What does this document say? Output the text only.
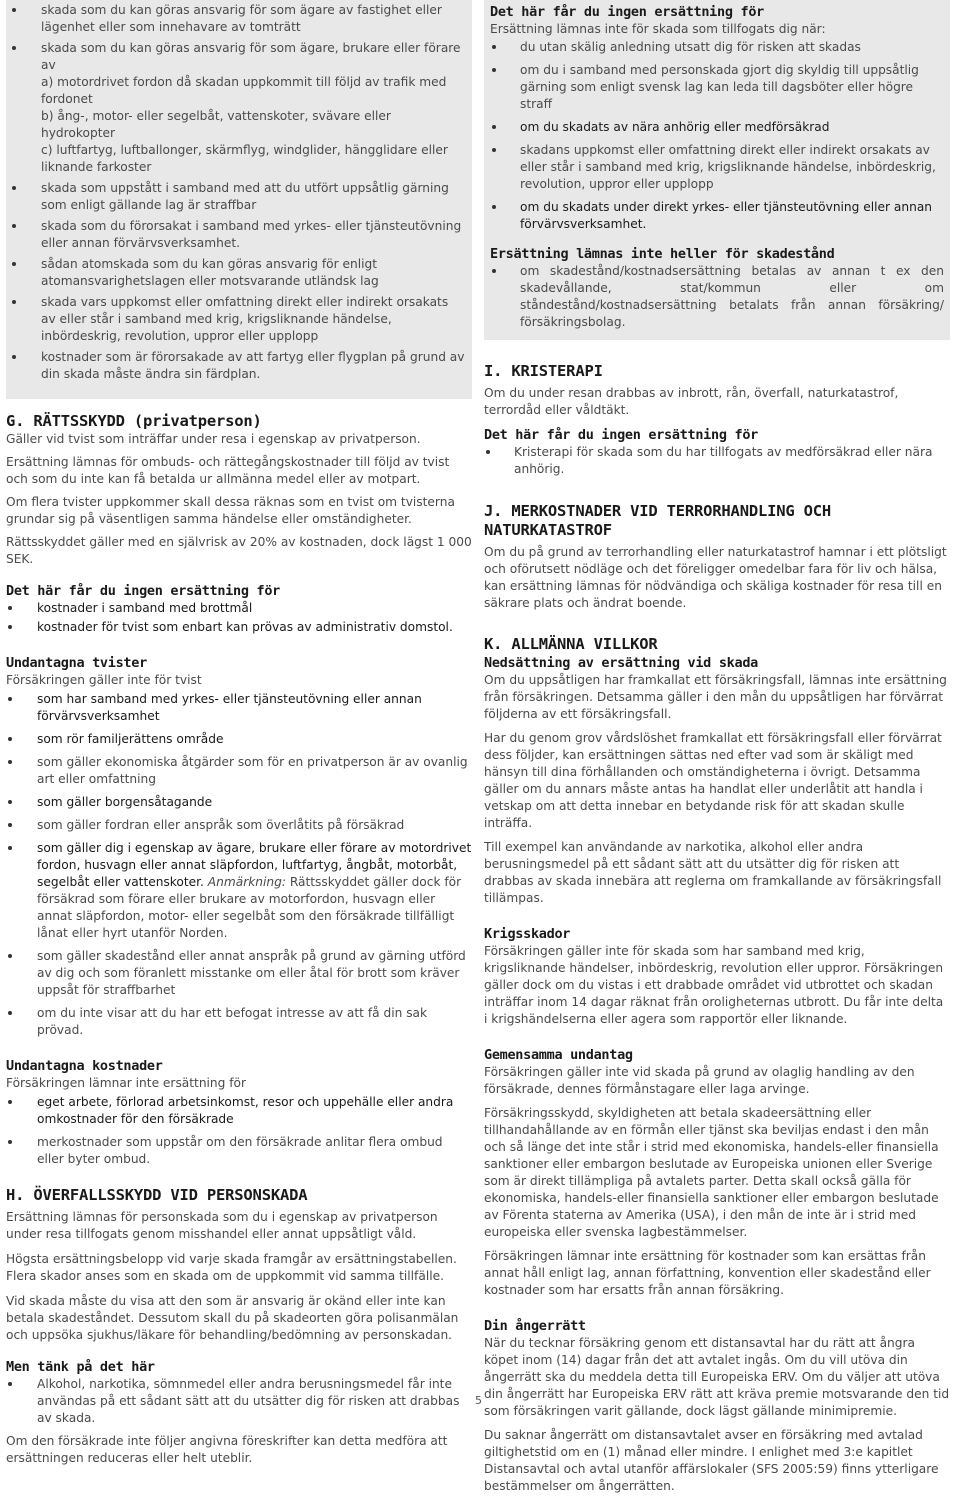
skada som du kan göras ansvarig för som ägare av fastighet eller lägenhet eller som innehavare av tomträtt
skada som du kan göras ansvarig för som ägare, brukare eller förare av
a) motordrivet fordon då skadan uppkommit till följd av trafik med fordonet
b) ång-, motor- eller segelbåt, vattenskoter, svävare eller hydrokopter
c) luftfartyg, luftballonger, skärmflyg, windglider, hängglidare eller liknande farkoster
skada som uppstått i samband med att du utfört uppsåtlig gärning som enligt gällande lag är straffbar
skada som du förorsakat i samband med yrkes- eller tjänsteutövning eller annan förvärvsverksamhet.
sådan atomskada som du kan göras ansvarig för enligt atomansvarighetslagen eller motsvarande utländsk lag
skada vars uppkomst eller omfattning direkt eller indirekt orsakats av eller står i samband med krig, krigsliknande händelse, inbördeskrig, revolution, uppror eller upplopp
kostnader som är förorsakade av att fartyg eller flygplan på grund av din skada måste ändra sin färdplan.
G. RÄTTSSKYDD (privatperson)

Gäller vid tvist som inträffar under resa i egenskap av privatperson.

Ersättning lämnas för ombuds- och rättegångskostnader till följd av tvist och som du inte kan få betalda ur allmänna medel eller av motpart.

Om flera tvister uppkommer skall dessa räknas som en tvist om tvisterna grundar sig på väsentligen samma händelse eller omständigheter.

Rättsskyddet gäller med en självrisk av 20% av kostnaden, dock lägst 1 000 SEK.

Det här får du ingen ersättning för
kostnader i samband med brottmål
kostnader för tvist som enbart kan prövas av administrativ domstol.
Undantagna tvister

Försäkringen gäller inte för tvist

som har samband med yrkes- eller tjänsteutövning eller annan förvärvsverksamhet
som rör familjerättens område
som gäller ekonomiska åtgärder som för en privatperson är av ovanlig art eller omfattning
som gäller borgensåtagande
som gäller fordran eller anspråk som överlåtits på försäkrad
som gäller dig i egenskap av ägare, brukare eller förare av motordrivet fordon, husvagn eller annat släpfordon, luftfartyg, ångbåt, motorbåt, segelbåt eller vattenskoter. Anmärkning: Rättsskyddet gäller dock för försäkrad som förare eller brukare av motorfordon, husvagn eller annat släpfordon, motor- eller segelbåt som den försäkrade tillfälligt lånat eller hyrt utanför Norden.
som gäller skadestånd eller annat anspråk på grund av gärning utförd av dig och som föranlett misstanke om eller åtal för brott som kräver uppsåt för straffbarhet
om du inte visar att du har ett befogat intresse av att få din sak prövad.
Undantagna kostnader

Försäkringen lämnar inte ersättning för

eget arbete, förlorad arbetsinkomst, resor och uppehälle eller andra omkostnader för den försäkrade
merkostnader som uppstår om den försäkrade anlitar flera ombud eller byter ombud.
H. ÖVERFALLSSKYDD VID PERSONSKADA

Ersättning lämnas för personskada som du i egenskap av privatperson under resa tillfogats genom misshandel eller annat uppsåtligt våld.

Högsta ersättningsbelopp vid varje skada framgår av ersättningstabellen. Flera skador anses som en skada om de uppkommit vid samma tillfälle.

Vid skada måste du visa att den som är ansvarig är okänd eller inte kan betala skadeståndet. Dessutom skall du på skadeorten göra polisanmälan och uppsöka sjukhus/läkare för behandling/bedömning av personskadan.

Men tänk på det här
Alkohol, narkotika, sömnmedel eller andra berusningsmedel får inte användas på ett sådant sätt att du utsätter dig för risken att drabbas av skada.

Om den försäkrade inte följer angivna föreskrifter kan detta medföra att ersättningen reduceras eller helt uteblir.

Det här får du ingen ersättning för

Ersättning lämnas inte för skada som tillfogats dig när:

du utan skälig anledning utsatt dig för risken att skadas
om du i samband med personskada gjort dig skyldig till uppsåtlig gärning som enligt svensk lag kan leda till dagsböter eller högre straff
om du skadats av nära anhörig eller medförsäkrad
skadans uppkomst eller omfattning direkt eller indirekt orsakats av eller står i samband med krig, krigsliknande händelse, inbördeskrig, revolution, uppror eller upplopp
om du skadats under direkt yrkes- eller tjänsteutövning eller annan förvärvsverksamhet.
Ersättning lämnas inte heller för skadestånd
om skadestånd/kostnadsersättning betalas av annan t ex den skadevållande, stat/kommun eller om ståndestånd/kostnadsersättning betalats från annan försäkring/ försäkringsbolag.
I. KRISTERAPI

Om du under resan drabbas av inbrott, rån, överfall, naturkatastrof, terrordåd eller våldtäkt.

Det här får du ingen ersättning för
Kristerapi för skada som du har tillfogats av medförsäkrad eller nära anhörig.
J. MERKOSTNADER VID TERRORHANDLING OCH NATURKATASTROF

Om du på grund av terrorhandling eller naturkatastrof hamnar i ett plötsligt och oförutsett nödläge och det föreligger omedelbar fara för liv och hälsa, kan ersättning lämnas för nödvändiga och skäliga kostnader för resa till en säkrare plats och ändrat boende.

K. ALLMÄNNA VILLKOR
Nedsättning av ersättning vid skada

Om du uppsåtligen har framkallat ett försäkringsfall, lämnas inte ersättning från försäkringen. Detsamma gäller i den mån du uppsåtligen har förvärrat följderna av ett försäkringsfall.

Har du genom grov vårdslöshet framkallat ett försäkringsfall eller förvärrat dess följder, kan ersättningen sättas ned efter vad som är skäligt med hänsyn till dina förhållanden och omständigheterna i övrigt. Detsamma gäller om du annars måste antas ha handlat eller underlåtit att handla i vetskap om att detta innebar en betydande risk för att skadan skulle inträffa.

Till exempel kan användande av narkotika, alkohol eller andra berusningsmedel på ett sådant sätt att du utsätter dig för risken att drabbas av skada innebära att reglerna om framkallande av försäkringsfall tillämpas.

Krigsskador

Försäkringen gäller inte för skada som har samband med krig, krigsliknande händelser, inbördeskrig, revolution eller uppror. Försäkringen gäller dock om du vistas i ett drabbade området vid utbrottet och skadan inträffar inom 14 dagar räknat från oroligheternas utbrott. Du får inte delta i krigshändelserna eller agera som rapportör eller liknande.

Gemensamma undantag

Försäkringen gäller inte vid skada på grund av olaglig handling av den försäkrade, dennes förmånstagare eller laga arvinge.

Försäkringsskydd, skyldigheten att betala skadeersättning eller tillhandahållande av en förmån eller tjänst ska beviljas endast i den mån och så länge det inte står i strid med ekonomiska, handels-eller finansiella sanktioner eller embargon beslutade av Europeiska unionen eller Sverige som är direkt tillämpliga på avtalets parter. Detta skall också gälla för ekonomiska, handels-eller finansiella sanktioner eller embargon beslutade av Förenta staterna av Amerika (USA), i den mån de inte är i strid med europeiska eller svenska lagbestämmelser.

Försäkringen lämnar inte ersättning för kostnader som kan ersättas från annat håll enligt lag, annan författning, konvention eller skadestånd eller kostnader som har ersatts från annan försäkring.

Din ångerrätt

När du tecknar försäkring genom ett distansavtal har du rätt att ångra köpet inom (14) dagar från det att avtalet ingås. Om du vill utöva din ångerrätt ska du meddela detta till Europeiska ERV. Om du väljer att utöva din ångerrätt har Europeiska ERV rätt att kräva premie motsvarande den tid som försäkringen varit gällande, dock lägst gällande minimipremie.

Du saknar ångerrätt om distansavtalet avser en försäkring med avtalad giltighetstid om en (1) månad eller mindre. I enlighet med 3:e kapitlet Distansavtal och avtal utanför affärslokaler (SFS 2005:59) finns ytterligare bestämmelser om ångerrätten.

5
